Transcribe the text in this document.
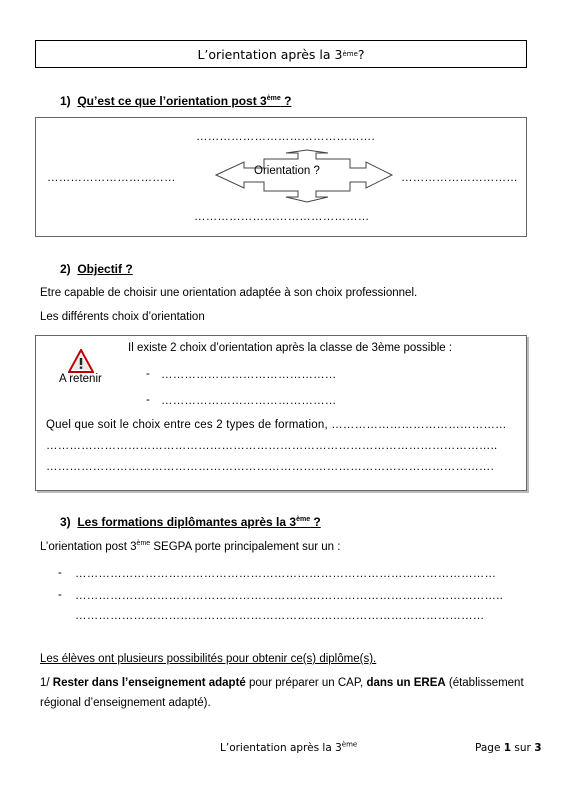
L’orientation après la 3 ème ?
1) Qu’est ce que l’orientation post 3ème ?
Orientation ?
……………………………………….
……………………………	…………………………
………………………………………
2) Objectif ?
Etre capable de choisir une orientation adaptée à son choix professionnel.
Les différents choix d’orientation
A retenir
Il existe 2 choix d’orientation après la classe de 3ème possible :
- ………………………………………
- ………………………………………
Quel que soit le choix entre ces 2 types de formation, ………………………………………
……………………………………………………………………………………………………..
…………………………………………………………………………………………………….
3) Les formations diplômantes après la 3ème ?
L’orientation post 3ème SEGPA porte principalement sur un :
- ………………………………………………………………………………………………
- ………………………………………………………………………………………………..
……………………………………………………………………………………………
Les élèves ont plusieurs possibilités pour obtenir ce(s) diplôme(s).
1/ Rester dans l’enseignement adapté pour préparer un CAP, dans un EREA (établissement
régional d’enseignement adapté).
L’orientation après la 3ème	Page 1 sur 3
